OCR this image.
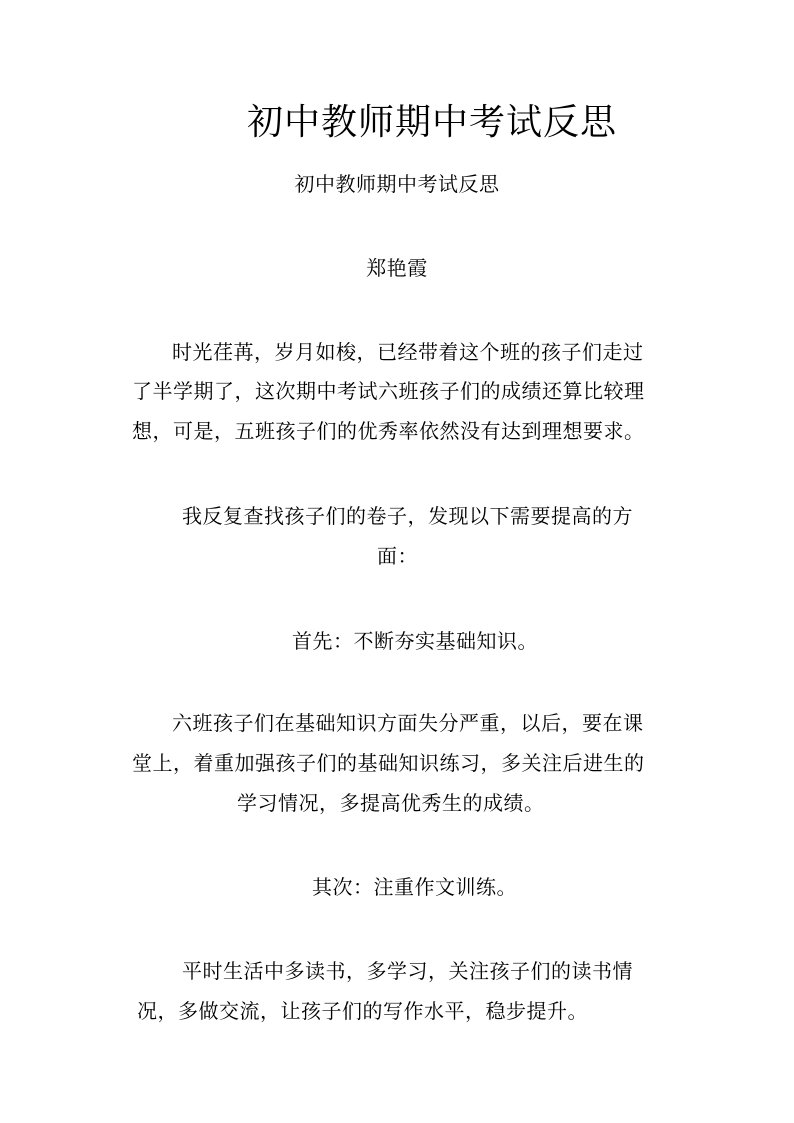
初中教师期中考试反思

初中教师期中考试反思

郑艳霞

时光荏苒，岁月如梭，已经带着这个班的孩子们走过

了半学期了，这次期中考试六班孩子们的成绩还算比较理

想，可是，五班孩子们的优秀率依然没有达到理想要求。

我反复查找孩子们的卷子，发现以下需要提高的方

面：

首先：不断夯实基础知识。

六班孩子们在基础知识方面失分严重，以后，要在课

堂上，着重加强孩子们的基础知识练习，多关注后进生的

学习情况，多提高优秀生的成绩。

其次：注重作文训练。

平时生活中多读书，多学习，关注孩子们的读书情

况，多做交流，让孩子们的写作水平，稳步提升。
